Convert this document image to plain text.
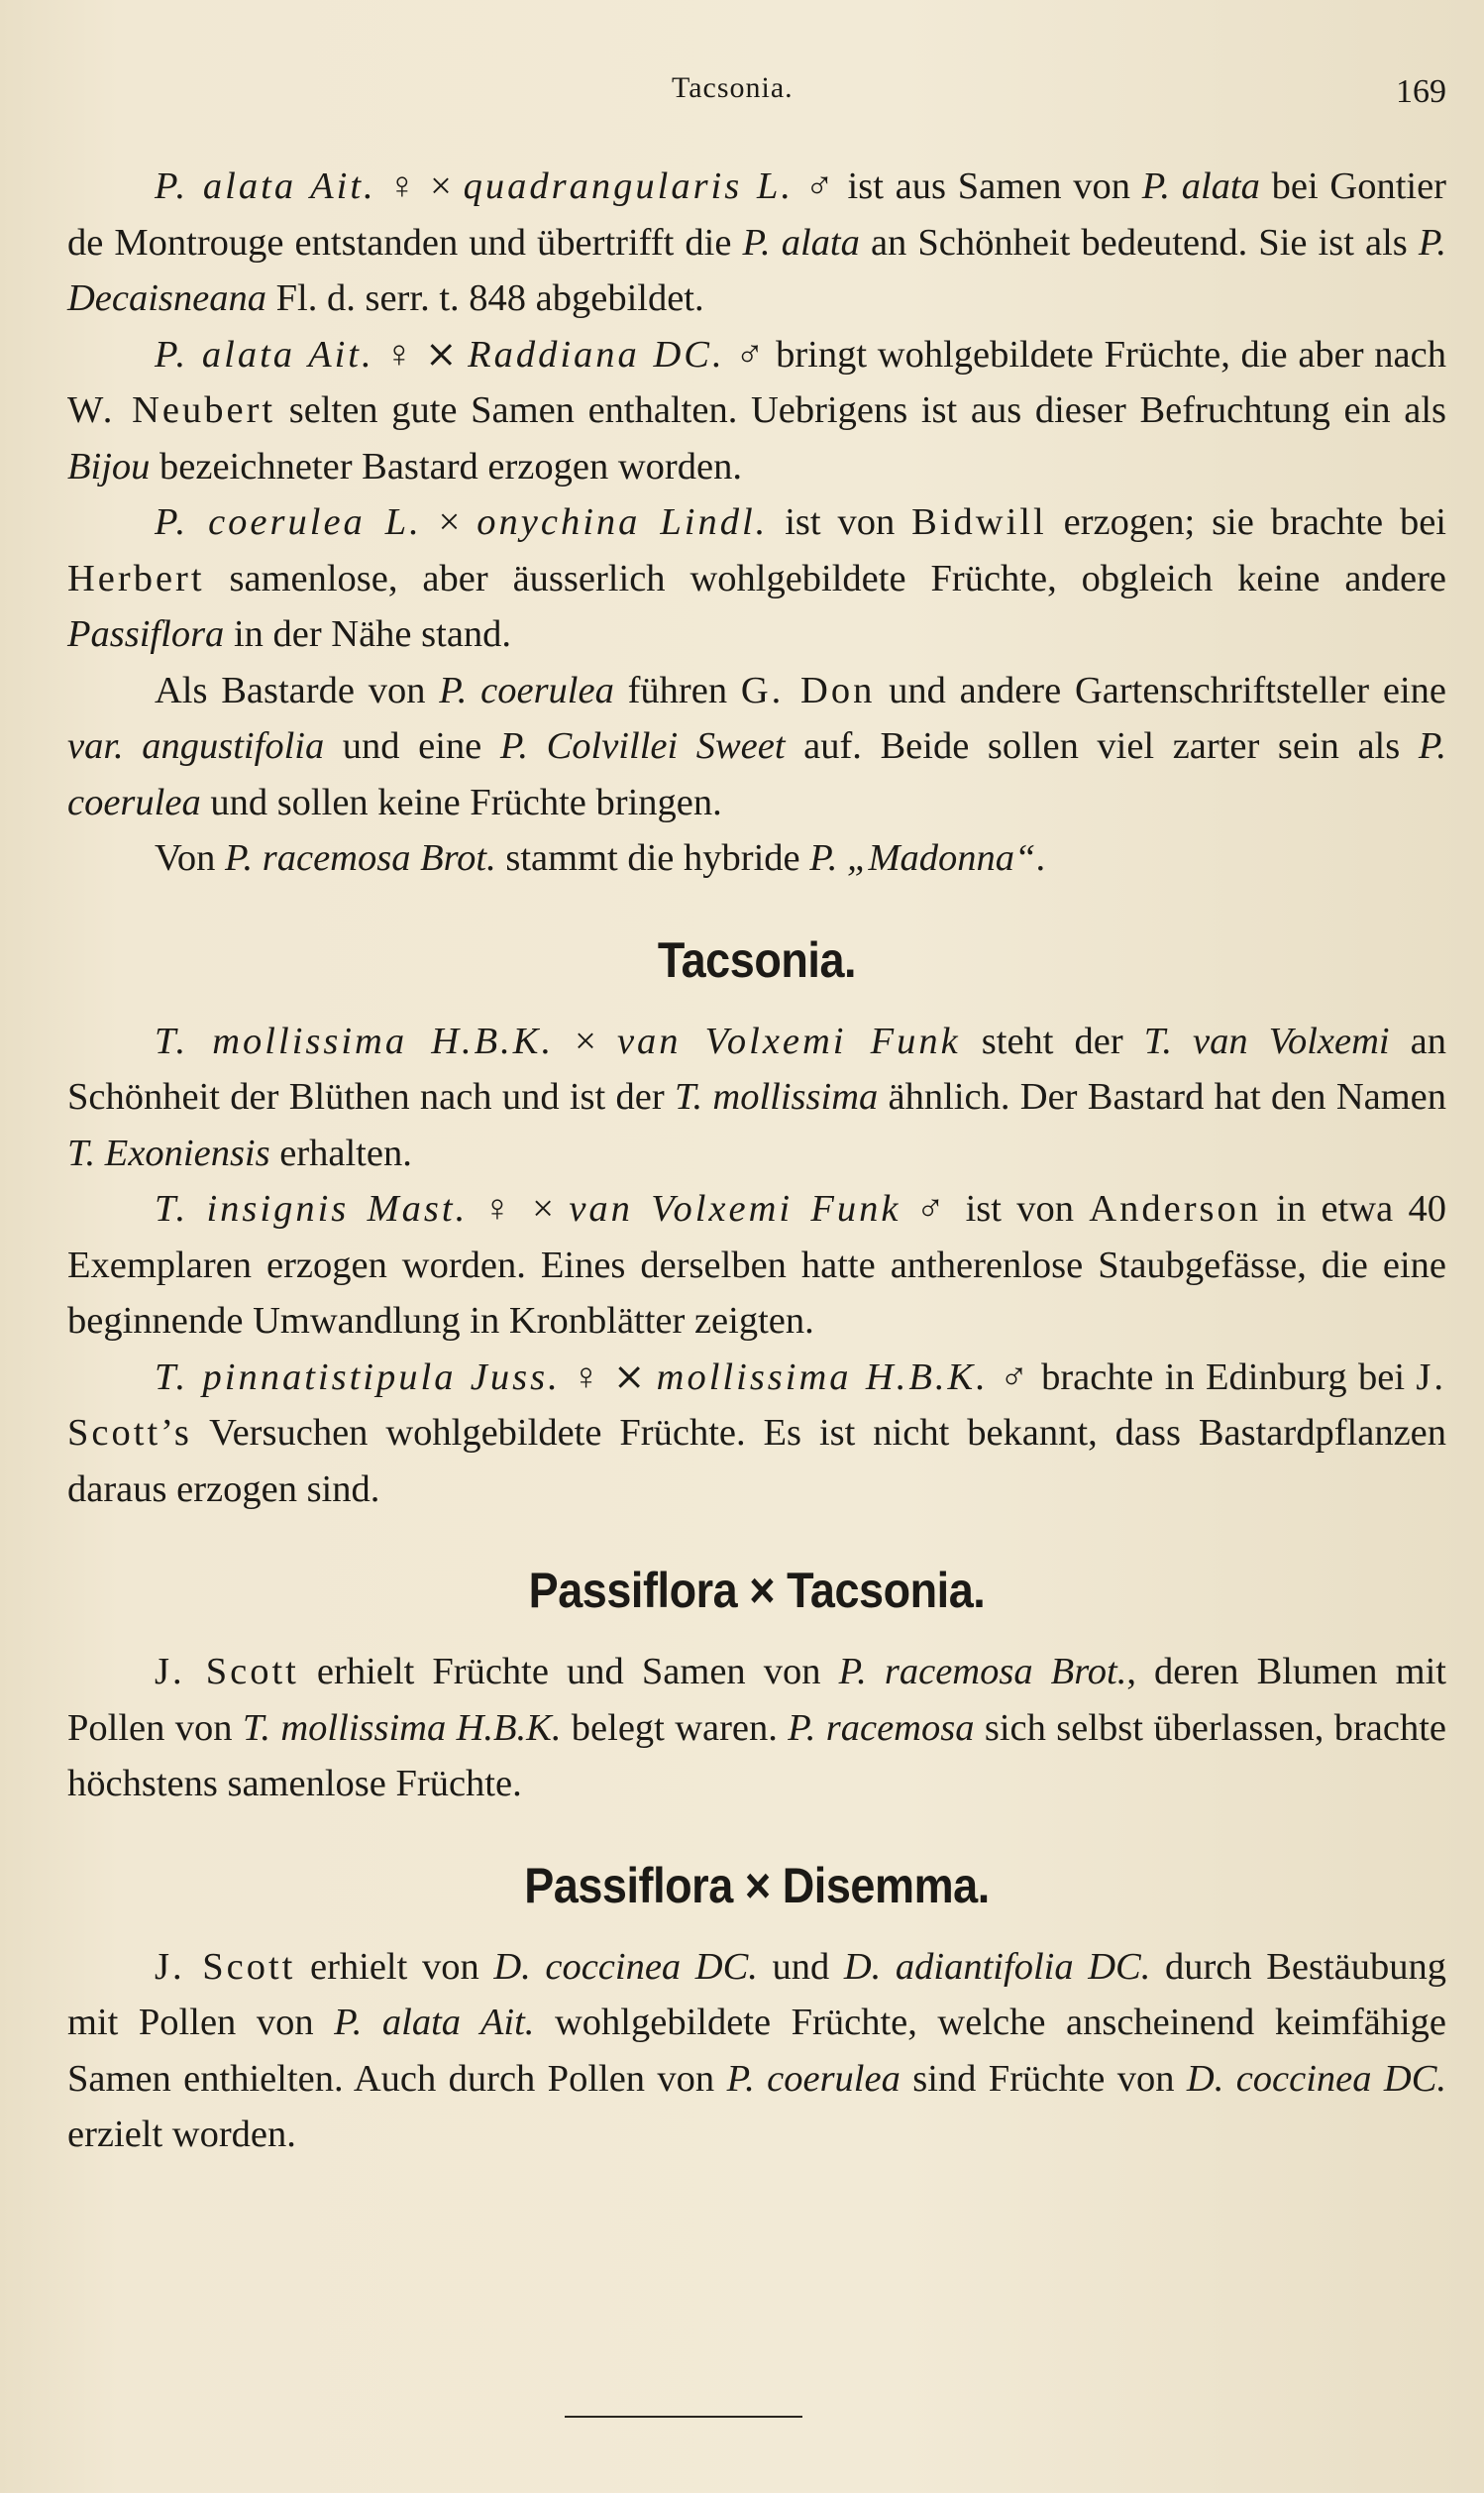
Tacsonia.	169

P. alata Ait. ♀ × quadrangularis L. ♂ ist aus Samen von P. alata bei Gontier de Montrouge entstanden und übertrifft die P. alata an Schönheit bedeutend. Sie ist als P. Decaisneana Fl. d. serr. t. 848 abgebildet.

P. alata Ait. ♀ ⨯ Raddiana DC. ♂ bringt wohlgebildete Früchte, die aber nach W. Neubert selten gute Samen enthalten. Uebrigens ist aus dieser Befruchtung ein als Bijou bezeichneter Bastard erzogen worden.

P. coerulea L. × onychina Lindl. ist von Bidwill erzogen; sie brachte bei Herbert samenlose, aber äusserlich wohlgebildete Früchte, obgleich keine andere Passiflora in der Nähe stand.

Als Bastarde von P. coerulea führen G. Don und andere Gartenschriftsteller eine var. angustifolia und eine P. Colvillei Sweet auf. Beide sollen viel zarter sein als P. coerulea und sollen keine Früchte bringen.

Von P. racemosa Brot. stammt die hybride P. „Madonna“.

Tacsonia.

T. mollissima H.B.K. × van Volxemi Funk steht der T. van Volxemi an Schönheit der Blüthen nach und ist der T. mollissima ähnlich. Der Bastard hat den Namen T. Exoniensis erhalten.

T. insignis Mast. ♀ × van Volxemi Funk ♂ ist von Anderson in etwa 40 Exemplaren erzogen worden. Eines derselben hatte antherenlose Staubgefässe, die eine beginnende Umwandlung in Kronblätter zeigten.

T. pinnatistipula Juss. ♀ ⨯ mollissima H.B.K. ♂ brachte in Edinburg bei J. Scott’s Versuchen wohlgebildete Früchte. Es ist nicht bekannt, dass Bastardpflanzen daraus erzogen sind.

Passiflora × Tacsonia.

J. Scott erhielt Früchte und Samen von P. racemosa Brot., deren Blumen mit Pollen von T. mollissima H.B.K. belegt waren. P. racemosa sich selbst überlassen, brachte höchstens samenlose Früchte.

Passiflora × Disemma.

J. Scott erhielt von D. coccinea DC. und D. adiantifolia DC. durch Bestäubung mit Pollen von P. alata Ait. wohlgebildete Früchte, welche anscheinend keimfähige Samen enthielten. Auch durch Pollen von P. coerulea sind Früchte von D. coccinea DC. erzielt worden.
